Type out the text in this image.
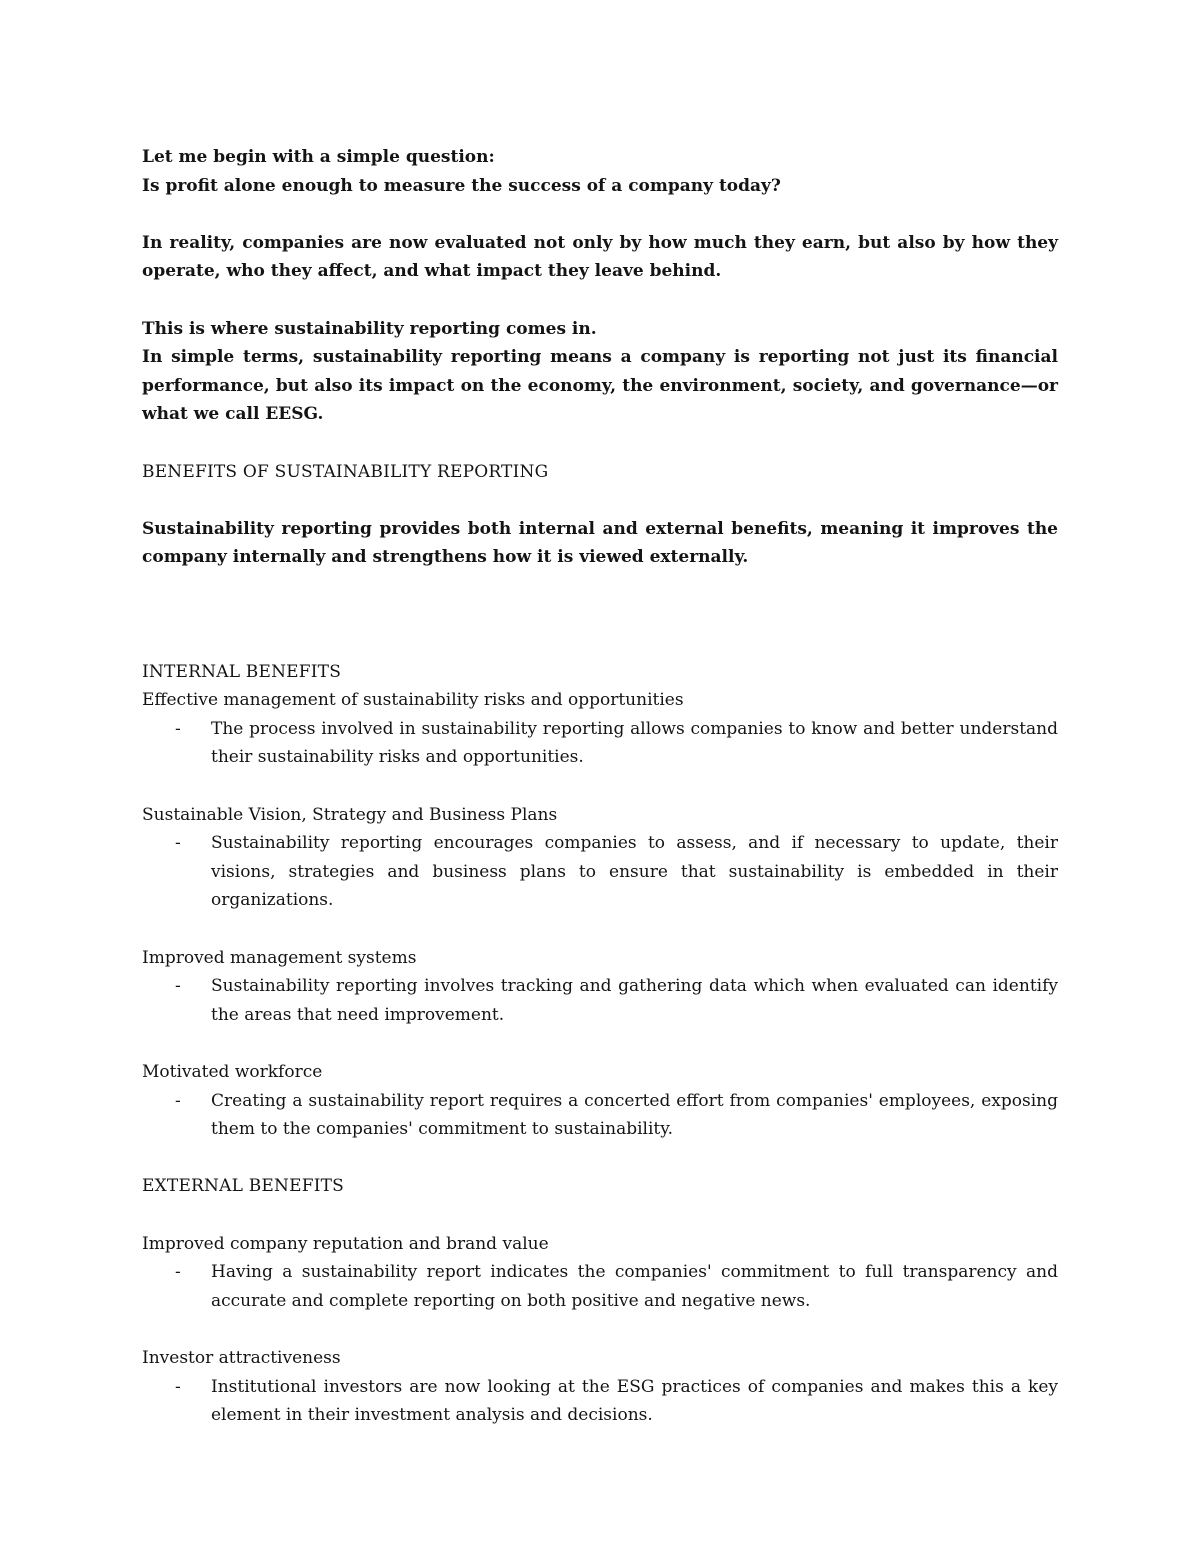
Let me begin with a simple question:

Is profit alone enough to measure the success of a company today?

In reality, companies are now evaluated not only by how much they earn, but also by how they operate, who they affect, and what impact they leave behind.

This is where sustainability reporting comes in.

In simple terms, sustainability reporting means a company is reporting not just its financial performance, but also its impact on the economy, the environment, society, and governance—or what we call EESG.

BENEFITS OF SUSTAINABILITY REPORTING

Sustainability reporting provides both internal and external benefits, meaning it improves the company internally and strengthens how it is viewed externally.

INTERNAL BENEFITS

Effective management of sustainability risks and opportunities

- The process involved in sustainability reporting allows companies to know and better understand their sustainability risks and opportunities.

Sustainable Vision, Strategy and Business Plans

- Sustainability reporting encourages companies to assess, and if necessary to update, their visions, strategies and business plans to ensure that sustainability is embedded in their organizations.

Improved management systems

- Sustainability reporting involves tracking and gathering data which when evaluated can identify the areas that need improvement.

Motivated workforce

- Creating a sustainability report requires a concerted effort from companies' employees, exposing them to the companies' commitment to sustainability.

EXTERNAL BENEFITS

Improved company reputation and brand value

- Having a sustainability report indicates the companies' commitment to full transparency and accurate and complete reporting on both positive and negative news.

Investor attractiveness

- Institutional investors are now looking at the ESG practices of companies and makes this a key element in their investment analysis and decisions.
